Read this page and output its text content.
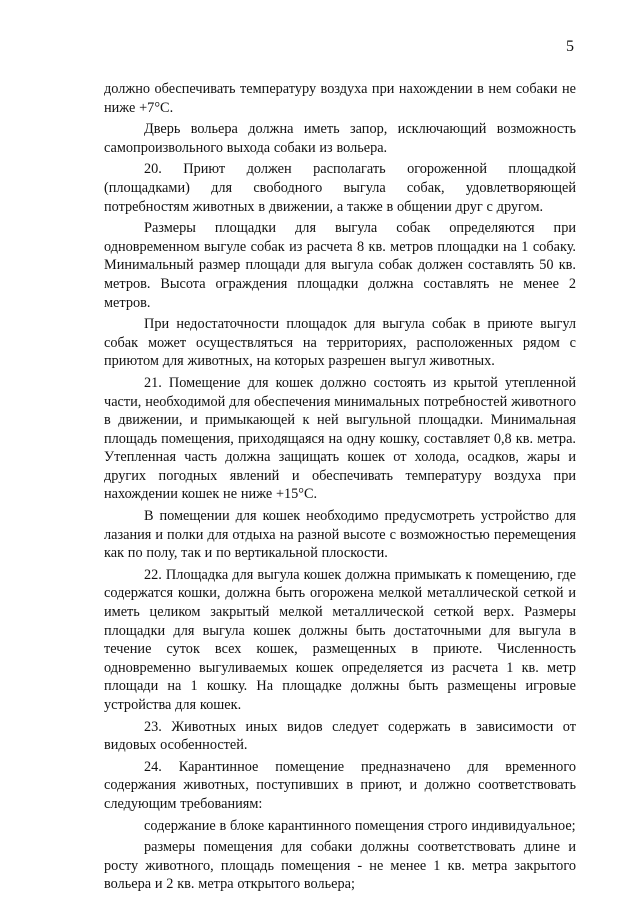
5

должно обеспечивать температуру воздуха при нахождении в нем собаки не ниже +7°С.

Дверь вольера должна иметь запор, исключающий возможность самопроизвольного выхода собаки из вольера.

20. Приют должен располагать огороженной площадкой (площадками) для свободного выгула собак, удовлетворяющей потребностям животных в движении, а также в общении друг с другом.

Размеры площадки для выгула собак определяются при одновременном выгуле собак из расчета 8 кв. метров площадки на 1 собаку. Минимальный размер площади для выгула собак должен составлять 50 кв. метров. Высота ограждения площадки должна составлять не менее 2 метров.

При недостаточности площадок для выгула собак в приюте выгул собак может осуществляться на территориях, расположенных рядом с приютом для животных, на которых разрешен выгул животных.

21. Помещение для кошек должно состоять из крытой утепленной части, необходимой для обеспечения минимальных потребностей животного в движении, и примыкающей к ней выгульной площадки. Минимальная площадь помещения, приходящаяся на одну кошку, составляет 0,8 кв. метра. Утепленная часть должна защищать кошек от холода, осадков, жары и других погодных явлений и обеспечивать температуру воздуха при нахождении кошек не ниже +15°С.

В помещении для кошек необходимо предусмотреть устройство для лазания и полки для отдыха на разной высоте с возможностью перемещения как по полу, так и по вертикальной плоскости.

22. Площадка для выгула кошек должна примыкать к помещению, где содержатся кошки, должна быть огорожена мелкой металлической сеткой и иметь целиком закрытый мелкой металлической сеткой верх. Размеры площадки для выгула кошек должны быть достаточными для выгула в течение суток всех кошек, размещенных в приюте. Численность одновременно выгуливаемых кошек определяется из расчета 1 кв. метр площади на 1 кошку. На площадке должны быть размещены игровые устройства для кошек.

23. Животных иных видов следует содержать в зависимости от видовых особенностей.

24. Карантинное помещение предназначено для временного содержания животных, поступивших в приют, и должно соответствовать следующим требованиям:

содержание в блоке карантинного помещения строго индивидуальное;

размеры помещения для собаки должны соответствовать длине и росту животного, площадь помещения - не менее 1 кв. метра закрытого вольера и 2 кв. метра открытого вольера;
